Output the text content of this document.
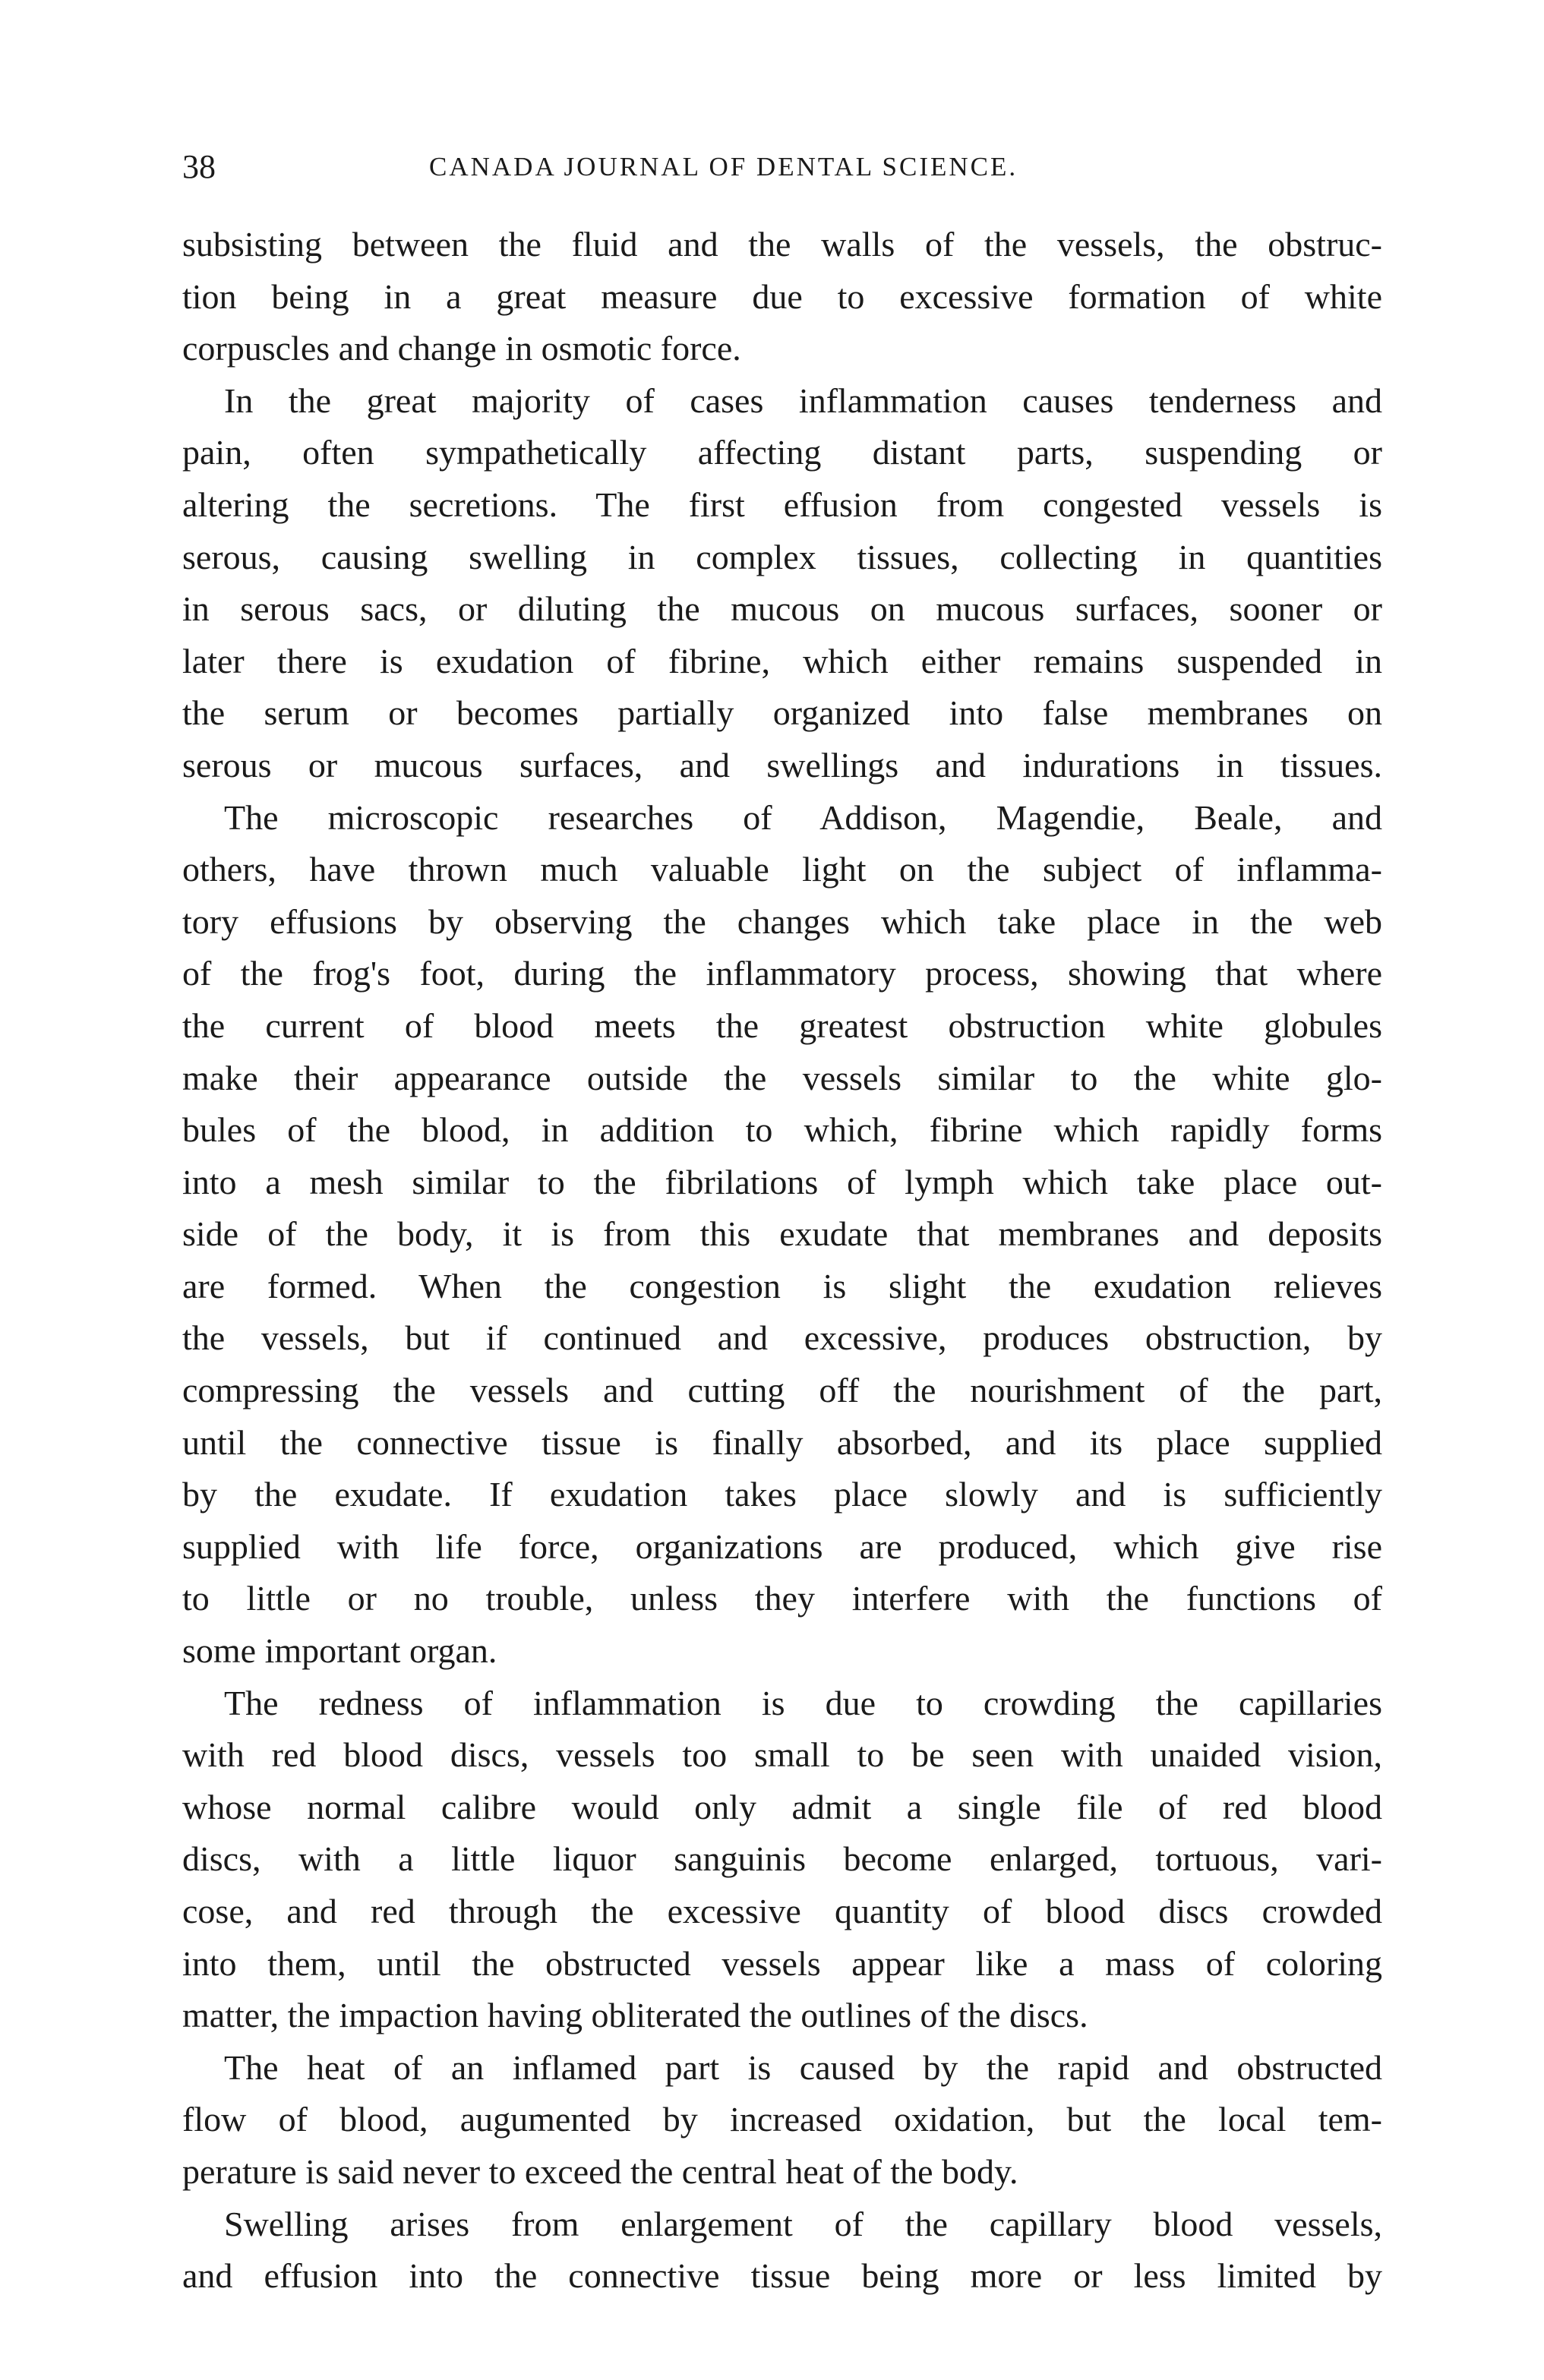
38	CANADA JOURNAL OF DENTAL SCIENCE.

subsisting between the fluid and the walls of the vessels, the obstruc-
tion being in a great measure due to excessive formation of white
corpuscles and change in osmotic force.

In the great majority of cases inflammation causes tenderness and
pain, often sympathetically affecting distant parts, suspending or
altering the secretions. The first effusion from congested vessels is
serous, causing swelling in complex tissues, collecting in quantities
in serous sacs, or diluting the mucous on mucous surfaces, sooner or
later there is exudation of fibrine, which either remains suspended in
the serum or becomes partially organized into false membranes on
serous or mucous surfaces, and swellings and indurations in tissues.

The microscopic researches of Addison, Magendie, Beale, and
others, have thrown much valuable light on the subject of inflamma-
tory effusions by observing the changes which take place in the web
of the frog's foot, during the inflammatory process, showing that where
the current of blood meets the greatest obstruction white globules
make their appearance outside the vessels similar to the white glo-
bules of the blood, in addition to which, fibrine which rapidly forms
into a mesh similar to the fibrilations of lymph which take place out-
side of the body, it is from this exudate that membranes and deposits
are formed. When the congestion is slight the exudation relieves
the vessels, but if continued and excessive, produces obstruction, by
compressing the vessels and cutting off the nourishment of the part,
until the connective tissue is finally absorbed, and its place supplied
by the exudate. If exudation takes place slowly and is sufficiently
supplied with life force, organizations are produced, which give rise
to little or no trouble, unless they interfere with the functions of
some important organ.

The redness of inflammation is due to crowding the capillaries
with red blood discs, vessels too small to be seen with unaided vision,
whose normal calibre would only admit a single file of red blood
discs, with a little liquor sanguinis become enlarged, tortuous, vari-
cose, and red through the excessive quantity of blood discs crowded
into them, until the obstructed vessels appear like a mass of coloring
matter, the impaction having obliterated the outlines of the discs.

The heat of an inflamed part is caused by the rapid and obstructed
flow of blood, augumented by increased oxidation, but the local tem-
perature is said never to exceed the central heat of the body.

Swelling arises from enlargement of the capillary blood vessels,
and effusion into the connective tissue being more or less limited by
